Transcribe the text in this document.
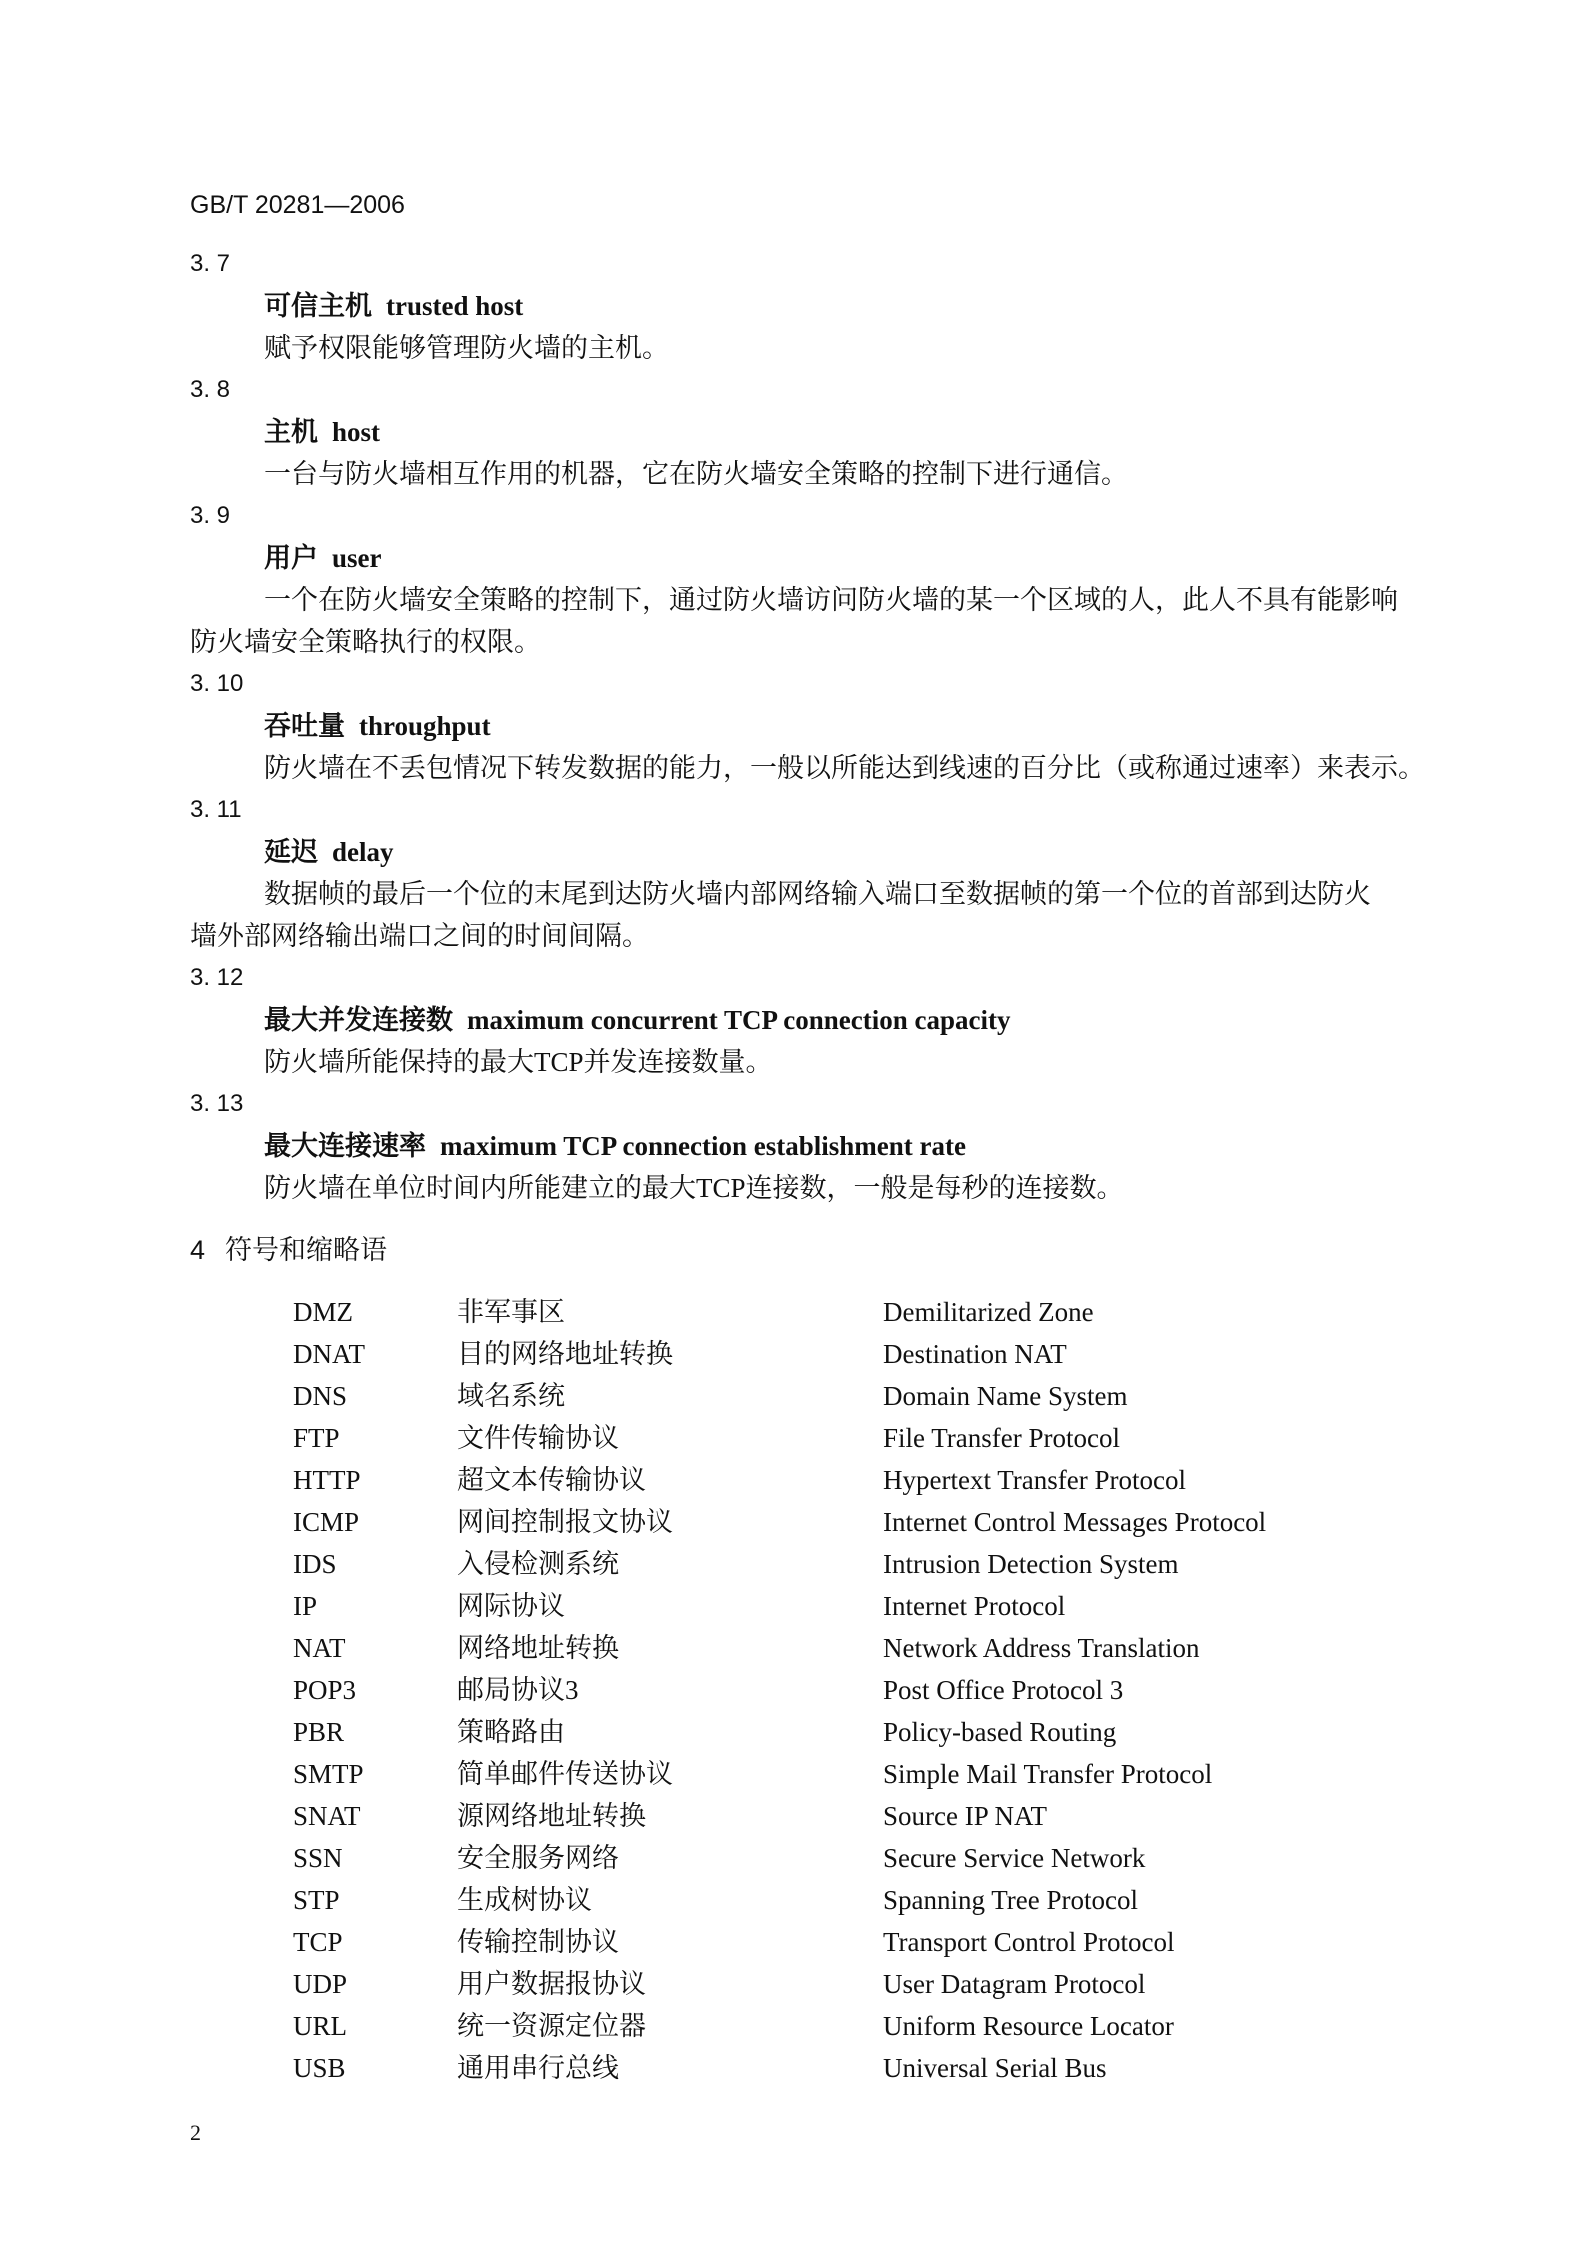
GB/T 20281—2006
3. 7
可信主机 trusted host
赋予权限能够管理防火墙的主机。
3. 8
主机 host
一台与防火墙相互作用的机器，它在防火墙安全策略的控制下进行通信。
3. 9
用户 user
一个在防火墙安全策略的控制下，通过防火墙访问防火墙的某一个区域的人，此人不具有能影响
防火墙安全策略执行的权限。
3. 10
吞吐量 throughput
防火墙在不丢包情况下转发数据的能力，一般以所能达到线速的百分比（或称通过速率）来表示。
3. 11
延迟 delay
数据帧的最后一个位的末尾到达防火墙内部网络输入端口至数据帧的第一个位的首部到达防火
墙外部网络输出端口之间的时间间隔。
3. 12
最大并发连接数 maximum concurrent TCP connection capacity
防火墙所能保持的最大TCP并发连接数量。
3. 13
最大连接速率 maximum TCP connection establishment rate
防火墙在单位时间内所能建立的最大TCP连接数，一般是每秒的连接数。
4 符号和缩略语
DMZ	非军事区	Demilitarized Zone
DNAT	目的网络地址转换	Destination NAT
DNS	域名系统	Domain Name System
FTP	文件传输协议	File Transfer Protocol
HTTP	超文本传输协议	Hypertext Transfer Protocol
ICMP	网间控制报文协议	Internet Control Messages Protocol
IDS	入侵检测系统	Intrusion Detection System
IP	网际协议	Internet Protocol
NAT	网络地址转换	Network Address Translation
POP3	邮局协议3	Post Office Protocol 3
PBR	策略路由	Policy-based Routing
SMTP	简单邮件传送协议	Simple Mail Transfer Protocol
SNAT	源网络地址转换	Source IP NAT
SSN	安全服务网络	Secure Service Network
STP	生成树协议	Spanning Tree Protocol
TCP	传输控制协议	Transport Control Protocol
UDP	用户数据报协议	User Datagram Protocol
URL	统一资源定位器	Uniform Resource Locator
USB	通用串行总线	Universal Serial Bus
2
